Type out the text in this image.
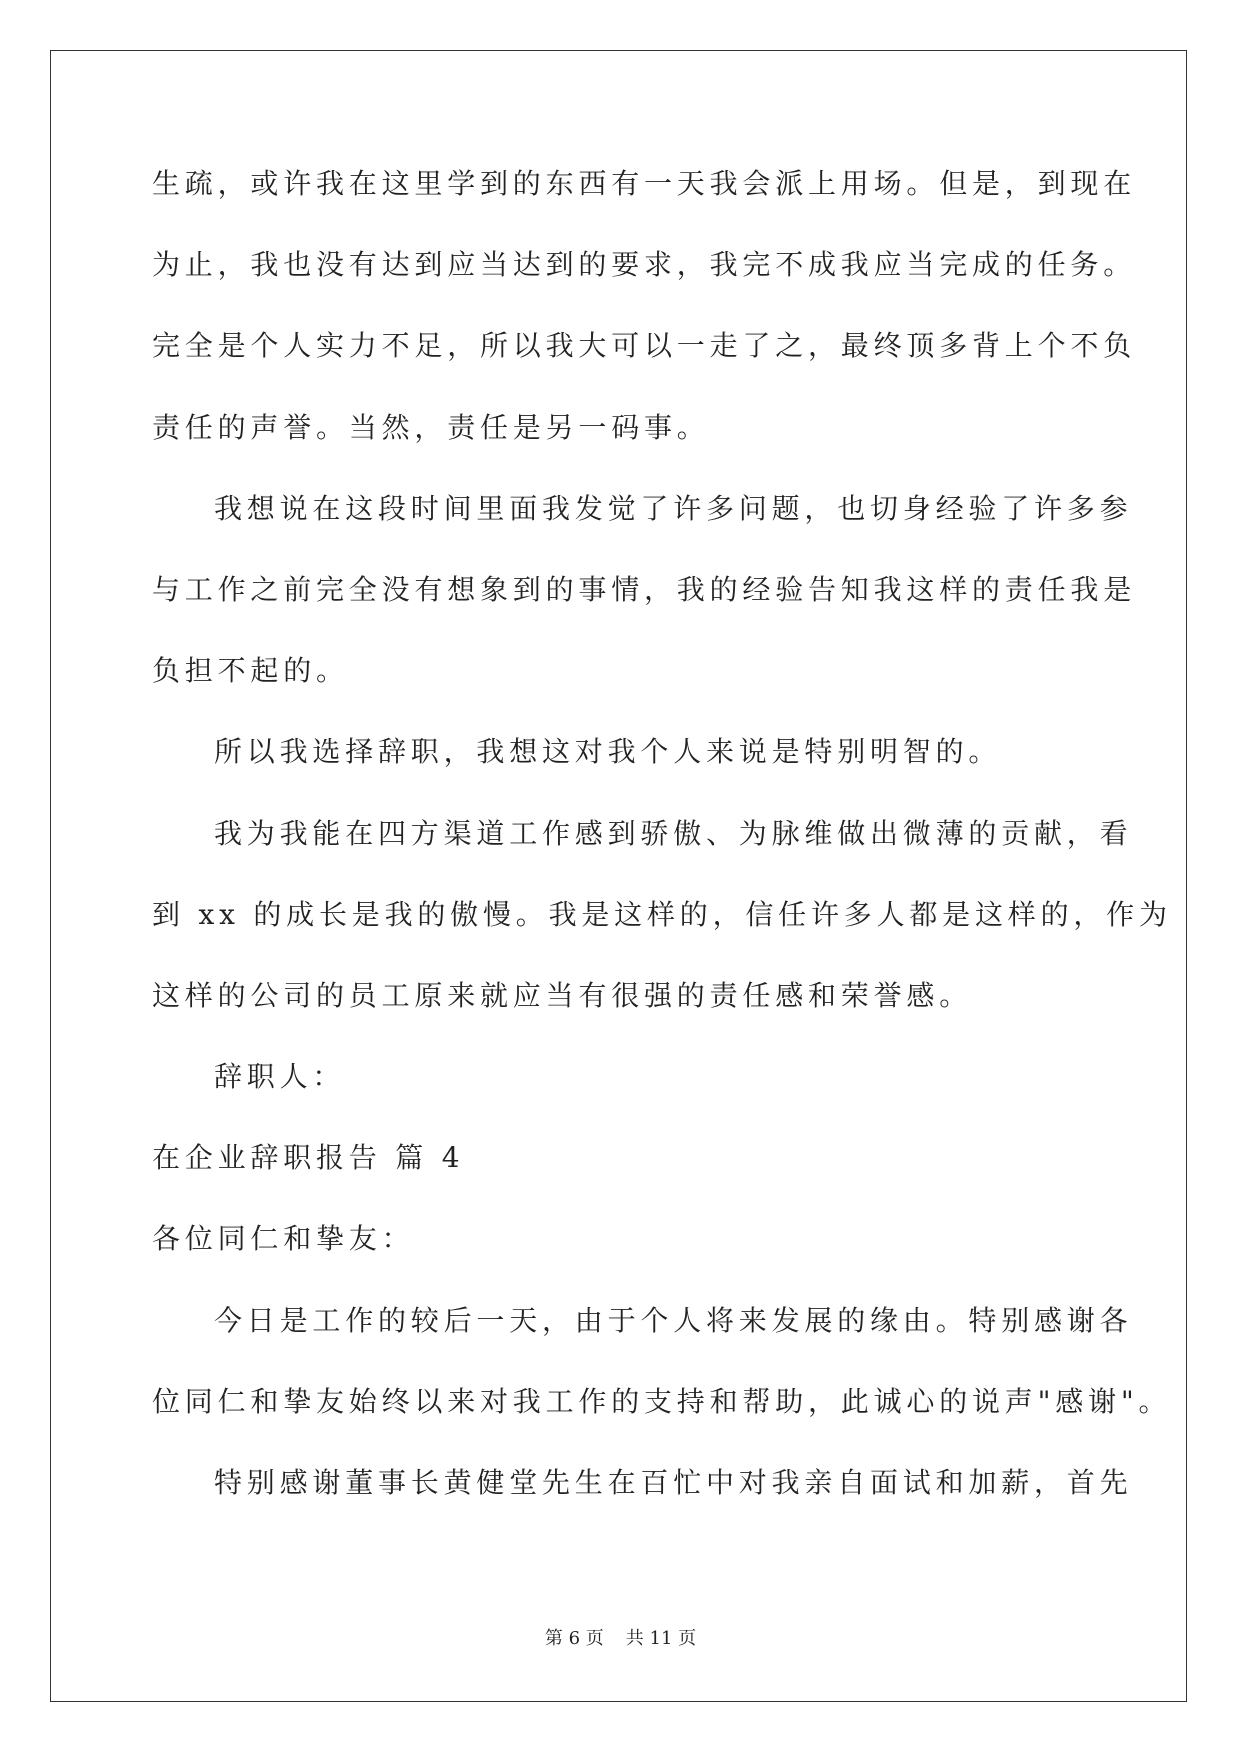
生疏，或许我在这里学到的东西有一天我会派上用场。但是，到现在
为止，我也没有达到应当达到的要求，我完不成我应当完成的任务。
完全是个人实力不足，所以我大可以一走了之，最终顶多背上个不负
责任的声誉。当然，责任是另一码事。
我想说在这段时间里面我发觉了许多问题，也切身经验了许多参
与工作之前完全没有想象到的事情，我的经验告知我这样的责任我是
负担不起的。
所以我选择辞职，我想这对我个人来说是特别明智的。
我为我能在四方渠道工作感到骄傲、为脉维做出微薄的贡献，看
到 xx 的成长是我的傲慢。我是这样的，信任许多人都是这样的，作为
这样的公司的员工原来就应当有很强的责任感和荣誉感。
辞职人：
在企业辞职报告 篇 4
各位同仁和挚友：
今日是工作的较后一天，由于个人将来发展的缘由。特别感谢各
位同仁和挚友始终以来对我工作的支持和帮助，此诚心的说声"感谢"。
特别感谢董事长黄健堂先生在百忙中对我亲自面试和加薪，首先
第 6 页 共 11 页
